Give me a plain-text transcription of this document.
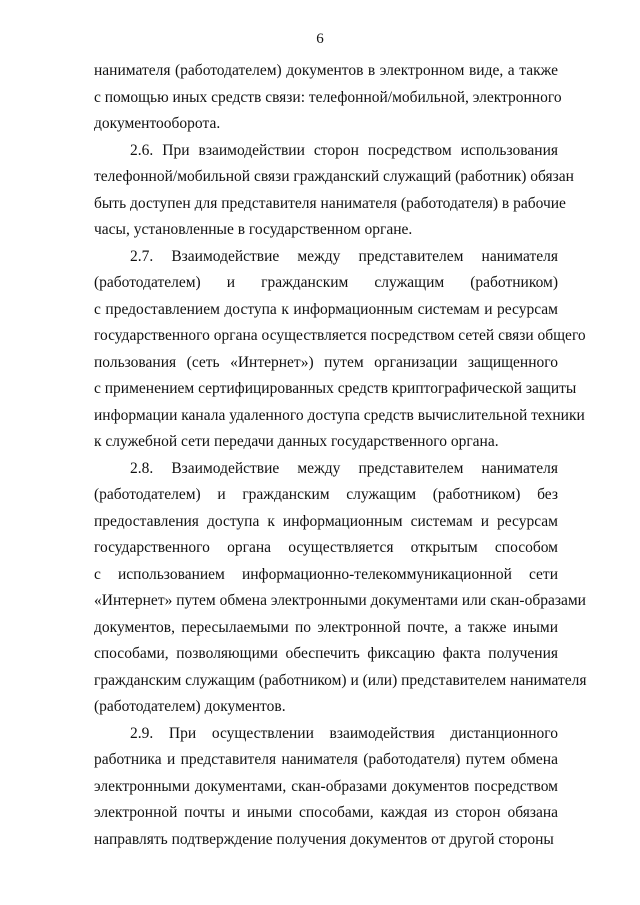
6
нанимателя (работодателем) документов в электронном виде, а также
с помощью иных средств связи: телефонной/мобильной, электронного
документооборота.
2.6. При взаимодействии сторон посредством использования
телефонной/мобильной связи гражданский служащий (работник) обязан
быть доступен для представителя нанимателя (работодателя) в рабочие
часы, установленные в государственном органе.
2.7. Взаимодействие между представителем нанимателя
(работодателем) и гражданским служащим (работником)
с предоставлением доступа к информационным системам и ресурсам
государственного органа осуществляется посредством сетей связи общего
пользования (сеть «Интернет») путем организации защищенного
с применением сертифицированных средств криптографической защиты
информации канала удаленного доступа средств вычислительной техники
к служебной сети передачи данных государственного органа.
2.8. Взаимодействие между представителем нанимателя
(работодателем) и гражданским служащим (работником) без
предоставления доступа к информационным системам и ресурсам
государственного органа осуществляется открытым способом
с использованием информационно-телекоммуникационной сети
«Интернет» путем обмена электронными документами или скан-образами
документов, пересылаемыми по электронной почте, а также иными
способами, позволяющими обеспечить фиксацию факта получения
гражданским служащим (работником) и (или) представителем нанимателя
(работодателем) документов.
2.9. При осуществлении взаимодействия дистанционного
работника и представителя нанимателя (работодателя) путем обмена
электронными документами, скан-образами документов посредством
электронной почты и иными способами, каждая из сторон обязана
направлять подтверждение получения документов от другой стороны
